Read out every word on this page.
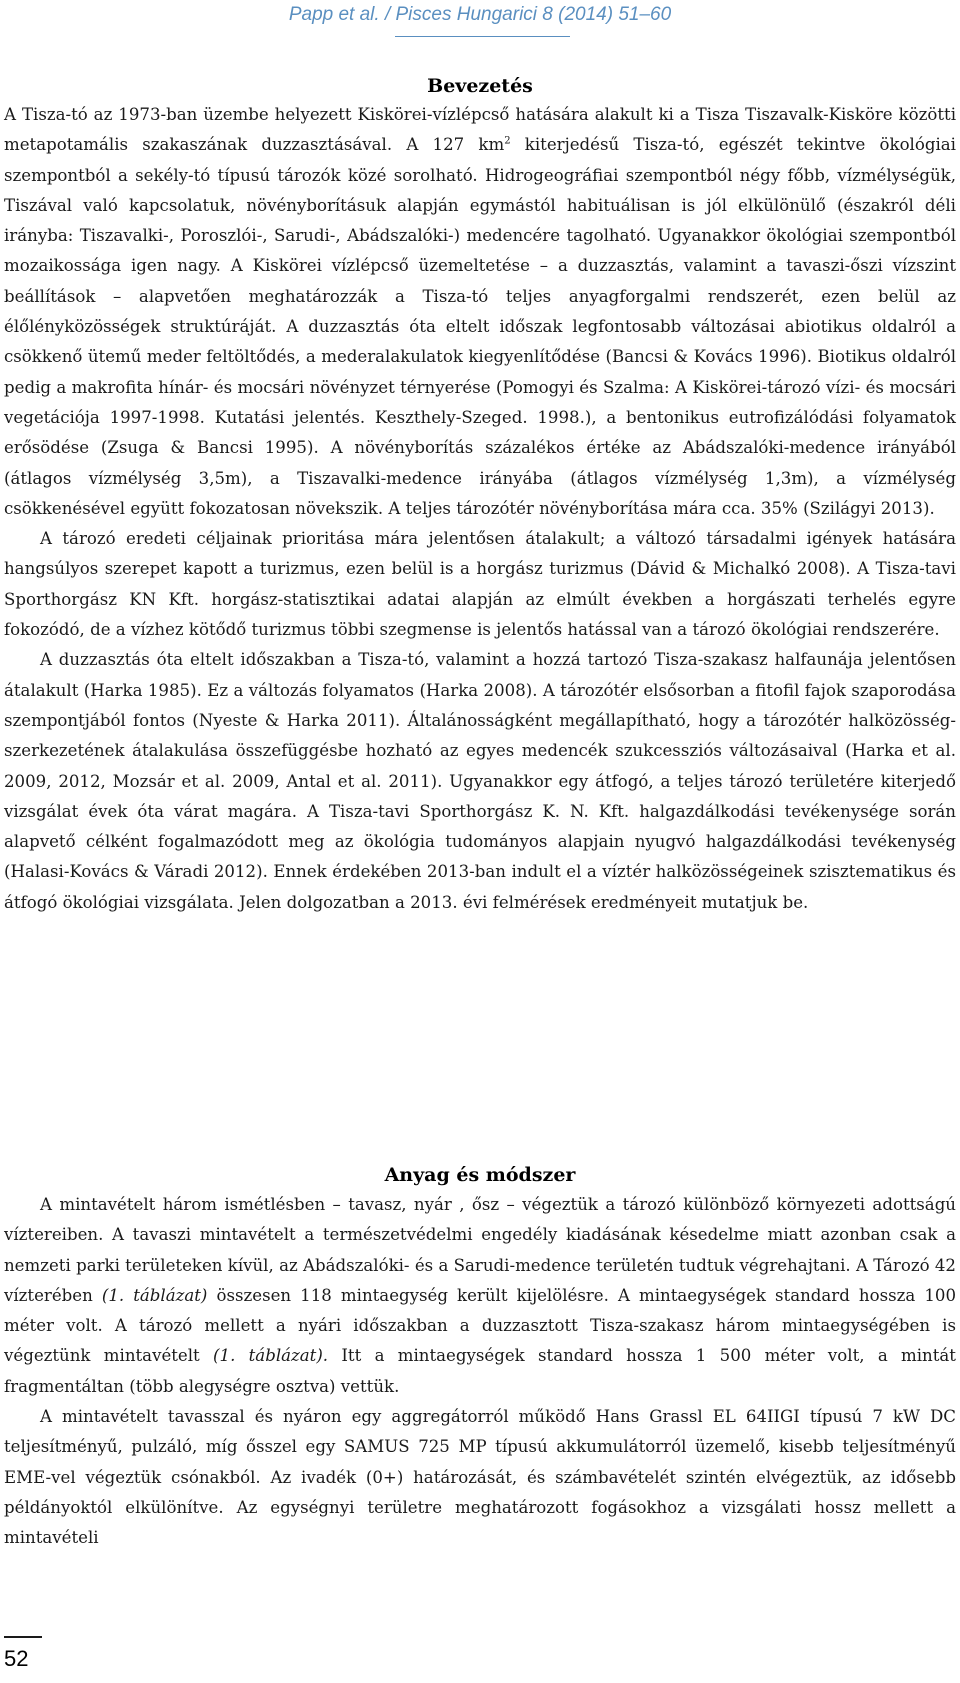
Papp et al. / Pisces Hungarici 8 (2014) 51–60
Bevezetés

A Tisza-tó az 1973-ban üzembe helyezett Kiskörei-vízlépcső hatására alakult ki a Tisza Tiszavalk-Kisköre közötti metapotamális szakaszának duzzasztásával. A 127 $km^2$ kiterjedésű Tisza-tó, egészét tekintve ökológiai szempontból a sekély-tó típusú tározók közé sorolható. Hidrogeográfiai szempontból négy főbb, vízmélységük, Tiszával való kapcsolatuk, növényborításuk alapján egymástól habituálisan is jól elkülönülő (északról déli irányba: Tiszavalki-, Poroszlói-, Sarudi-, Abádszalóki-) medencére tagolható. Ugyanakkor ökológiai szempontból mozaikossága igen nagy. A Kiskörei vízlépcső üzemeltetése – a duzzasztás, valamint a tavaszi-őszi vízszint beállítások – alapvetően meghatározzák a Tisza-tó teljes anyagforgalmi rendszerét, ezen belül az élőlényközösségek struktúráját. A duzzasztás óta eltelt időszak legfontosabb változásai abiotikus oldalról a csökkenő ütemű meder feltöltődés, a mederalakulatok kiegyenlítődése (Bancsi & Kovács 1996). Biotikus oldalról pedig a makrofita hínár- és mocsári növényzet térnyerése (Pomogyi és Szalma: A Kiskörei-tározó vízi- és mocsári vegetációja 1997-1998. Kutatási jelentés. Keszthely-Szeged. 1998.), a bentonikus eutrofizálódási folyamatok erősödése (Zsuga & Bancsi 1995). A növényborítás százalékos értéke az Abádszalóki-medence irányából (átlagos vízmélység 3,5m), a Tiszavalki-medence irányába (átlagos vízmélység 1,3m), a vízmélység csökkenésével együtt fokozatosan növekszik. A teljes tározótér növényborítása mára cca. 35% (Szilágyi 2013).

A tározó eredeti céljainak prioritása mára jelentősen átalakult; a változó társadalmi igények hatására hangsúlyos szerepet kapott a turizmus, ezen belül is a horgász turizmus (Dávid & Michalkó 2008). A Tisza-tavi Sporthorgász KN Kft. horgász-statisztikai adatai alapján az elmúlt években a horgászati terhelés egyre fokozódó, de a vízhez kötődő turizmus többi szegmense is jelentős hatással van a tározó ökológiai rendszerére.

A duzzasztás óta eltelt időszakban a Tisza-tó, valamint a hozzá tartozó Tisza-szakasz halfaunája jelentősen átalakult (Harka 1985). Ez a változás folyamatos (Harka 2008). A tározótér elsősorban a fitofil fajok szaporodása szempontjából fontos (Nyeste & Harka 2011). Általánosságként megállapítható, hogy a tározótér halközösség-szerkezetének átalakulása összefüggésbe hozható az egyes medencék szukcessziós változásaival (Harka et al. 2009, 2012, Mozsár et al. 2009, Antal et al. 2011). Ugyanakkor egy átfogó, a teljes tározó területére kiterjedő vizsgálat évek óta várat magára. A Tisza-tavi Sporthorgász K. N. Kft. halgazdálkodási tevékenysége során alapvető célként fogalmazódott meg az ökológia tudományos alapjain nyugvó halgazdálkodási tevékenység (Halasi-Kovács & Váradi 2012). Ennek érdekében 2013-ban indult el a víztér halközösségeinek szisztematikus és átfogó ökológiai vizsgálata. Jelen dolgozatban a 2013. évi felmérések eredményeit mutatjuk be.

Anyag és módszer

A mintavételt három ismétlésben – tavasz, nyár , ősz – végeztük a tározó különböző környezeti adottságú víztereiben. A tavaszi mintavételt a természetvédelmi engedély kiadásának késedelme miatt azonban csak a nemzeti parki területeken kívül, az Abádszalóki- és a Sarudi-medence területén tudtuk végrehajtani. A Tározó 42 vízterében (1. táblázat) összesen 118 mintaegység került kijelölésre. A mintaegységek standard hossza 100 méter volt. A tározó mellett a nyári időszakban a duzzasztott Tisza-szakasz három mintaegységében is végeztünk mintavételt (1. táblázat). Itt a mintaegységek standard hossza 1 500 méter volt, a mintát fragmentáltan (több alegységre osztva) vettük.

A mintavételt tavasszal és nyáron egy aggregátorról működő Hans Grassl EL 64IIGI típusú 7 kW DC teljesítményű, pulzáló, míg ősszel egy SAMUS 725 MP típusú akkumulátorról üzemelő, kisebb teljesítményű EME-vel végeztük csónakból. Az ivadék (0+) határozását, és számbavételét szintén elvégeztük, az idősebb példányoktól elkülönítve. Az egységnyi területre meghatározott fogásokhoz a vizsgálati hossz mellett a mintavételi

52
